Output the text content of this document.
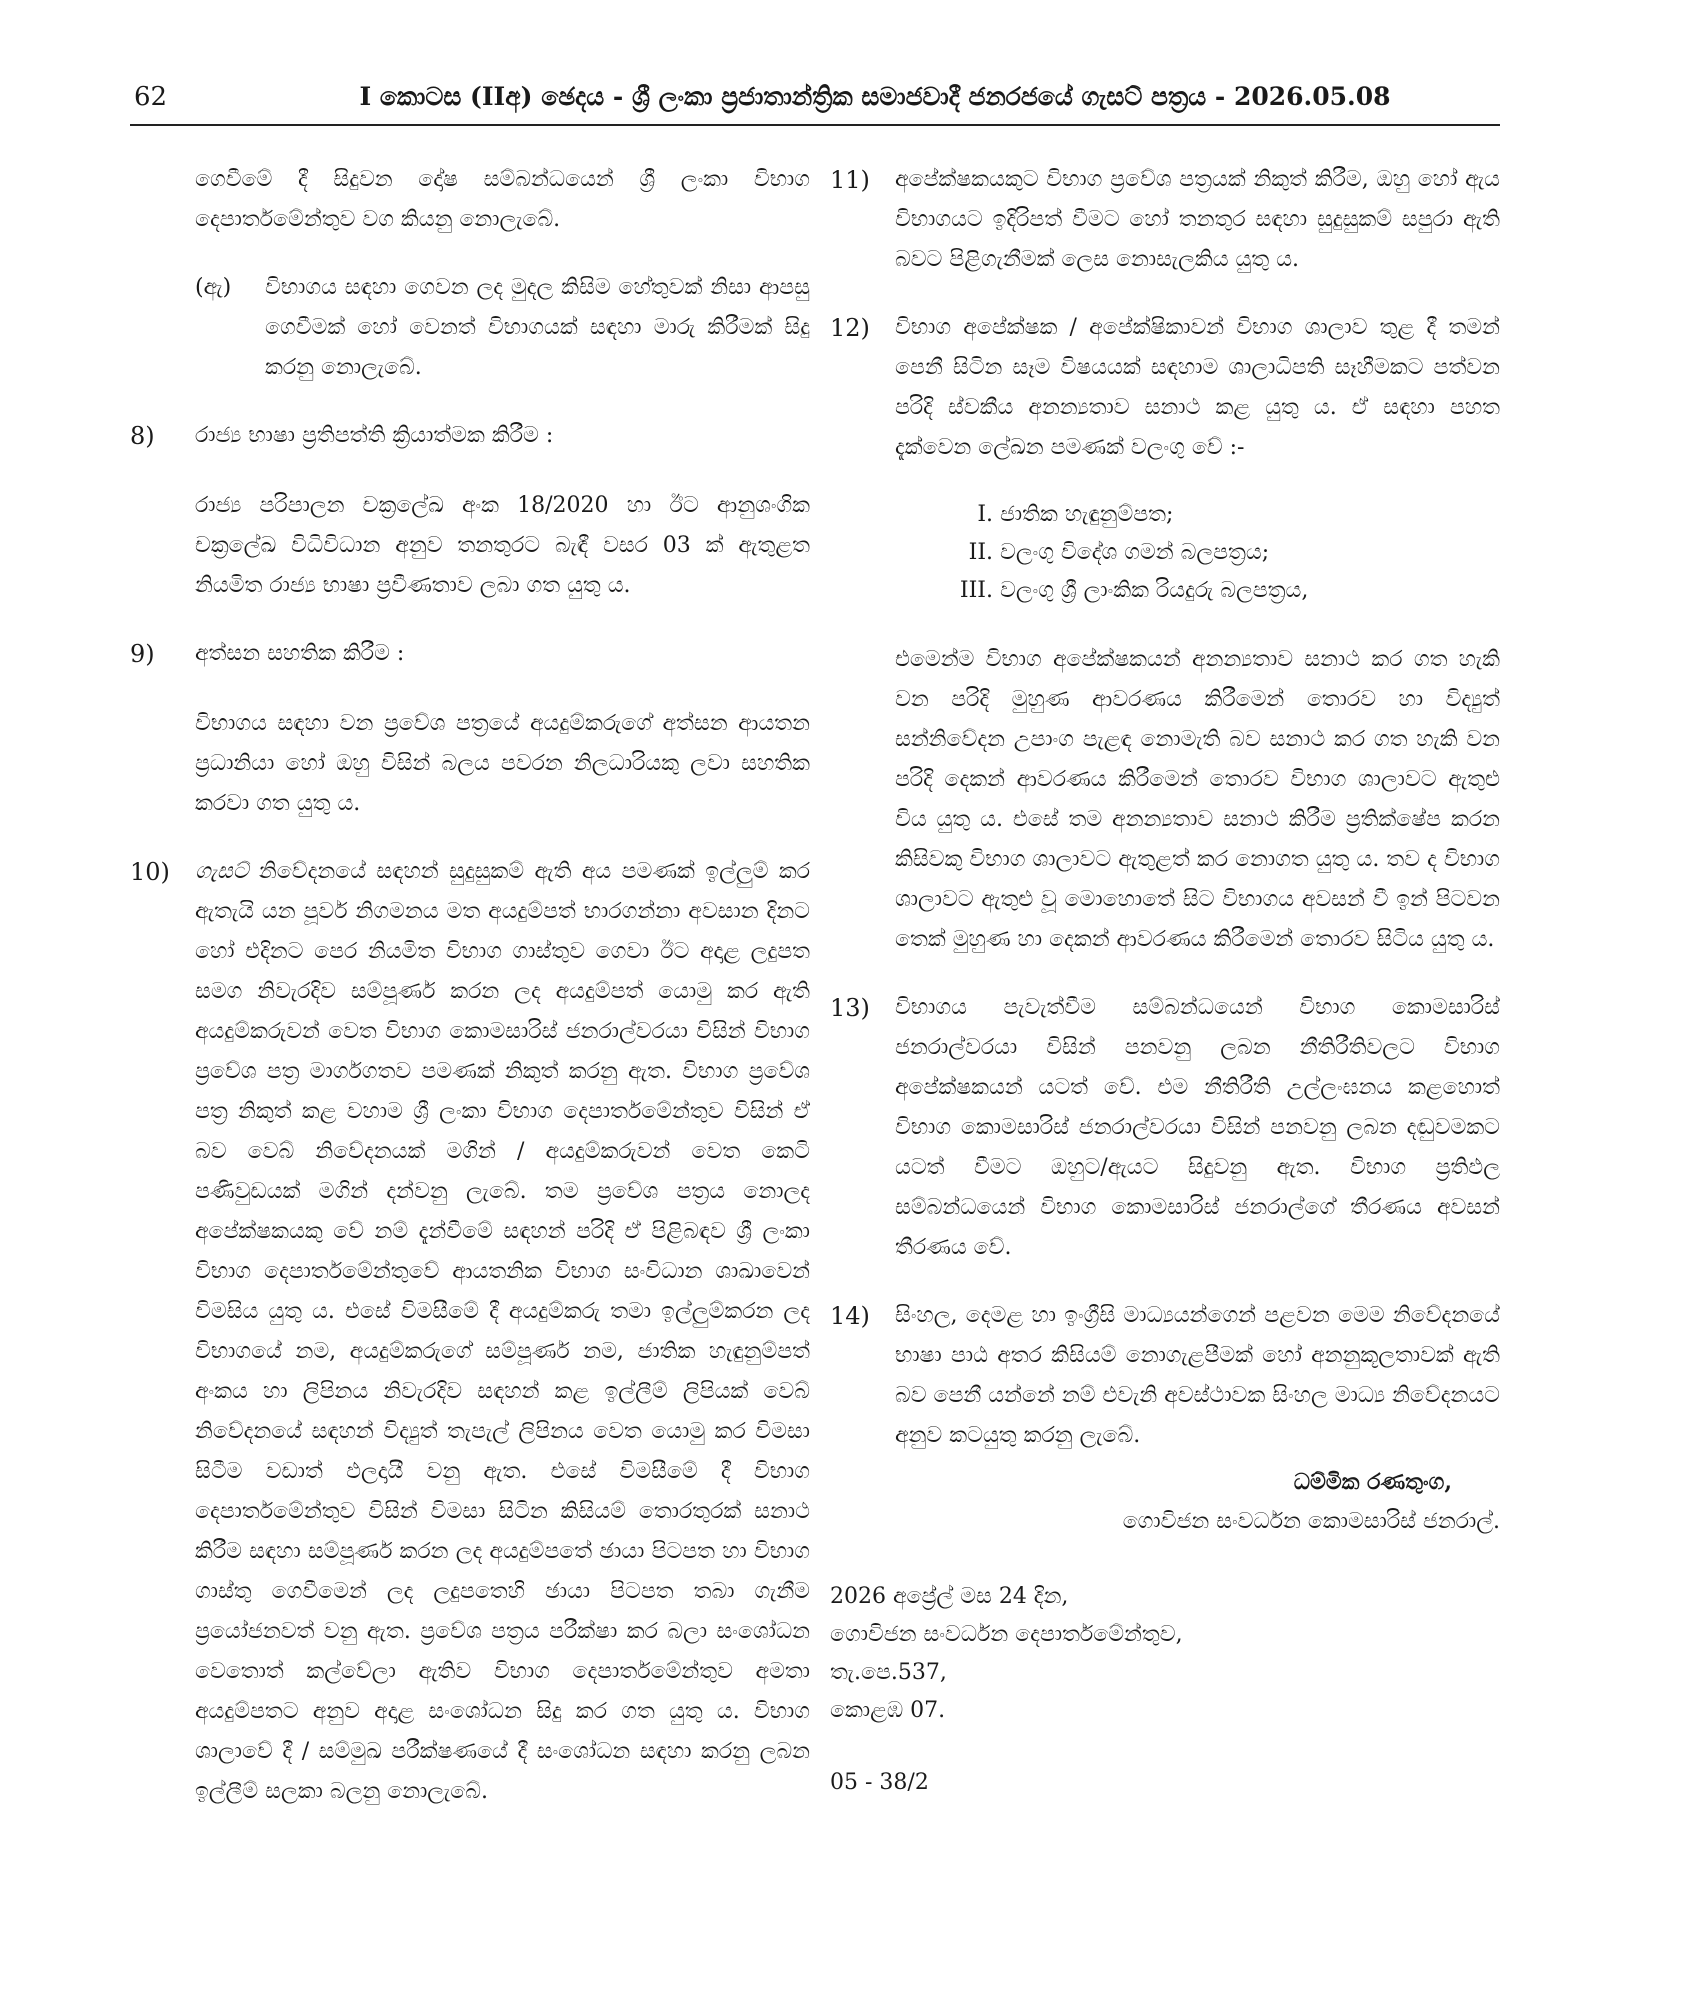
62	I කොටස (IIඅ) ඡෙදය - ශ්‍රී ලංකා ප්‍රජාතාන්ත්‍රික සමාජවාදී ජනරජයේ ගැසට් පත්‍රය - 2026.05.08

ගෙවීමේ දී සිදුවන දෝෂ සම්බන්ධයෙන් ශ්‍රී ලංකා විභාග දෙපාර්තමේන්තුව වග කියනු නොලැබේ.

(ඇ) විභාගය සඳහා ගෙවන ලද මුදල කිසිම හේතුවක් නිසා ආපසු ගෙවීමක් හෝ වෙනත් විභාගයක් සඳහා මාරු කිරීමක් සිදු කරනු නොලැබේ.

8) රාජ්‍ය භාෂා ප්‍රතිපත්ති ක්‍රියාත්මක කිරීම :

රාජ්‍ය පරිපාලන චක්‍රලේඛ අංක 18/2020 හා ඊට ආනුශංගික චක්‍රලේඛ විධිවිධාන අනුව තනතුරට බැඳී වසර 03 ක් ඇතුළත නියමිත රාජ්‍ය භාෂා ප්‍රවීණතාව ලබා ගත යුතු ය.

9) අත්සන සහතික කිරීම :

විභාගය සඳහා වන ප්‍රවේශ පත්‍රයේ අයදුම්කරුගේ අත්සන ආයතන ප්‍රධානියා හෝ ඔහු විසින් බලය පවරන නිලධාරියකු ලවා සහතික කරවා ගත යුතු ය.

10) ගැසට් නිවේදනයේ සඳහන් සුදුසුකම් ඇති අය පමණක් ඉල්ලුම් කර ඇතැයි යන පූර්ව නිගමනය මත අයදුම්පත් භාරගන්නා අවසාන දිනට හෝ එදිනට පෙර නියමිත විභාග ගාස්තුව ගෙවා ඊට අදාළ ලදුපත සමග නිවැරදිව සම්පූර්ණ කරන ලද අයදුම්පත් යොමු කර ඇති අයදුම්කරුවන් වෙත විභාග කොමසාරිස් ජනරාල්වරයා විසින් විභාග ප්‍රවේශ පත්‍ර මාර්ගගතව පමණක් නිකුත් කරනු ඇත. විභාග ප්‍රවේශ පත්‍ර නිකුත් කළ වහාම ශ්‍රී ලංකා විභාග දෙපාර්තමේන්තුව විසින් ඒ බව වෙබ් නිවේදනයක් මගින් / අයදුම්කරුවන් වෙත කෙටි පණිවුඩයක් මගින් දන්වනු ලැබේ. තම ප්‍රවේශ පත්‍රය නොලද අපේක්ෂකයකු වේ නම් දැන්වීමේ සඳහන් පරිදි ඒ පිළිබඳව ශ්‍රී ලංකා විභාග දෙපාර්තමේන්තුවේ ආයතනික විභාග සංවිධාන ශාඛාවෙන් විමසිය යුතු ය. එසේ විමසීමේ දී අයදුම්කරු තමා ඉල්ලුම්කරන ලද විභාගයේ නම, අයදුම්කරුගේ සම්පූර්ණ නම, ජාතික හැඳුනුම්පත් අංකය හා ලිපිනය නිවැරදිව සඳහන් කළ ඉල්ලීම් ලිපියක් වෙබ් නිවේදනයේ සඳහන් විද්‍යුත් තැපැල් ලිපිනය වෙත යොමු කර විමසා සිටීම වඩාත් ඵලදායී වනු ඇත. එසේ විමසීමේ දී විභාග දෙපාර්තමේන්තුව විසින් විමසා සිටින කිසියම් තොරතුරක් සනාථ කිරීම සඳහා සම්පූර්ණ කරන ලද අයදුම්පතේ ඡායා පිටපත හා විභාග ගාස්තු ගෙවීමෙන් ලද ලදුපතෙහි ඡායා පිටපත තබා ගැනීම ප්‍රයෝජනවත් වනු ඇත. ප්‍රවේශ පත්‍රය පරීක්ෂා කර බලා සංශෝධන වෙතොත් කල්වේලා ඇතිව විභාග දෙපාර්තමේන්තුව අමතා අයදුම්පතට අනුව අදාළ සංශෝධන සිදු කර ගත යුතු ය. විභාග ශාලාවේ දී / සම්මුඛ පරීක්ෂණයේ දී සංශෝධන සඳහා කරනු ලබන ඉල්ලීම් සලකා බලනු නොලැබේ.

11) අපේක්ෂකයකුට විභාග ප්‍රවේශ පත්‍රයක් නිකුත් කිරීම, ඔහු හෝ ඇය විභාගයට ඉදිරිපත් වීමට හෝ තනතුර සඳහා සුදුසුකම් සපුරා ඇති බවට පිළිගැනීමක් ලෙස නොසැලකිය යුතු ය.

12) විභාග අපේක්ෂක / අපේක්ෂිකාවන් විභාග ශාලාව තුළ දී තමන් පෙනී සිටින සෑම විෂයයක් සඳහාම ශාලාධිපති සෑහීමකට පත්වන පරිදි ස්වකීය අනන්‍යතාව සනාථ කළ යුතු ය. ඒ සඳහා පහත දැක්වෙන ලේඛන පමණක් වලංගු වේ :-

I. ජාතික හැඳුනුම්පත;
II. වලංගු විදේශ ගමන් බලපත්‍රය;
III. වලංගු ශ්‍රී ලාංකික රියදුරු බලපත්‍රය,

එමෙන්ම විභාග අපේක්ෂකයන් අනන්‍යතාව සනාථ කර ගත හැකි වන පරිදි මුහුණ ආවරණය කිරීමෙන් තොරව හා විද්‍යුත් සන්නිවේදන උපාංග පැළඳ නොමැති බව සනාථ කර ගත හැකි වන පරිදි දෙකන් ආවරණය කිරීමෙන් තොරව විභාග ශාලාවට ඇතුළු විය යුතු ය. එසේ තම අනන්‍යතාව සනාථ කිරීම ප්‍රතික්ෂේප කරන කිසිවකු විභාග ශාලාවට ඇතුළත් කර නොගත යුතු ය. තව ද විභාග ශාලාවට ඇතුළු වූ මොහොතේ සිට විභාගය අවසන් වී ඉන් පිටවන තෙක් මුහුණ හා දෙකන් ආවරණය කිරීමෙන් තොරව සිටිය යුතු ය.

13) විභාගය පැවැත්වීම සම්බන්ධයෙන් විභාග කොමසාරිස් ජනරාල්වරයා විසින් පනවනු ලබන නීතිරීතිවලට විභාග අපේක්ෂකයන් යටත් වේ. එම නීතිරීති උල්ලංඝනය කළහොත් විභාග කොමසාරිස් ජනරාල්වරයා විසින් පනවනු ලබන දඬුවමකට යටත් වීමට ඔහුට/ඇයට සිදුවනු ඇත. විභාග ප්‍රතිඵල සම්බන්ධයෙන් විභාග කොමසාරිස් ජනරාල්ගේ තීරණය අවසන් තීරණය වේ.

14) සිංහල, දෙමළ හා ඉංග්‍රීසි මාධ්‍යයන්ගෙන් පළවන මෙම නිවේදනයේ භාෂා පාඨ අතර කිසියම් නොගැළපීමක් හෝ අනනුකූලතාවක් ඇති බව පෙනී යන්නේ නම් එවැනි අවස්ථාවක සිංහල මාධ්‍ය නිවේදනයට අනුව කටයුතු කරනු ලැබේ.

ධම්මික රණතුංග,
ගොවිජන සංවර්ධන කොමසාරිස් ජනරාල්.
2026 අප්‍රේල් මස 24 දින,
ගොවිජන සංවර්ධන දෙපාර්තමේන්තුව,
තැ.පෙ.537,
කොළඹ 07.
05 - 38/2
